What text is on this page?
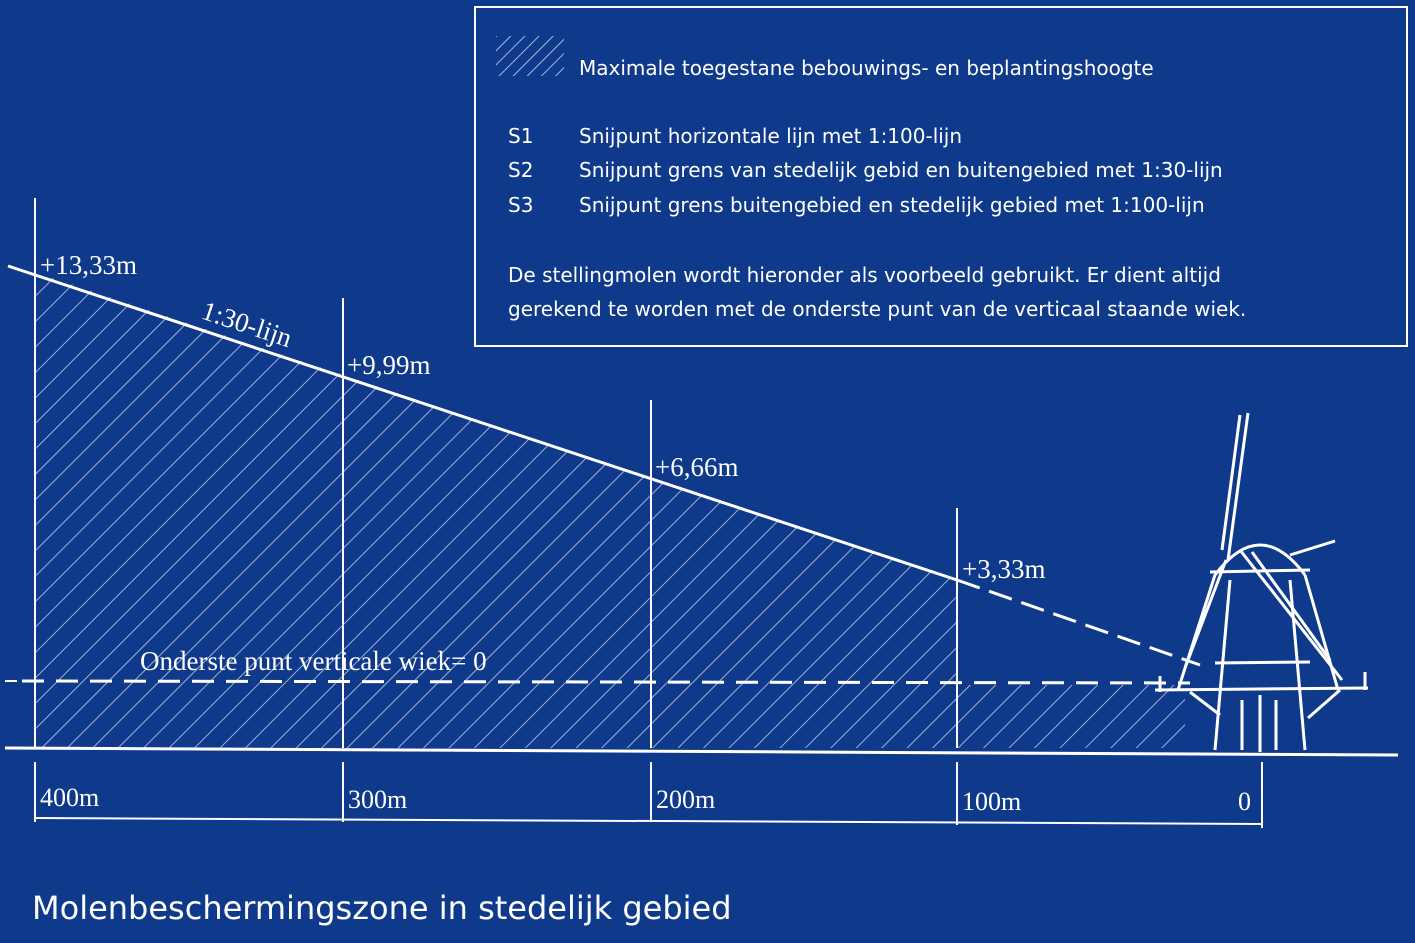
+13,33m
+9,99m
+6,66m
+3,33m
1:30-lijn
Onderste punt verticale wiek= 0
400m	300m	200m	100m	0
Maximale toegestane bebouwings- en beplantingshoogte
S1 Snijpunt horizontale lijn met 1:100-lijn
S2 Snijpunt grens van stedelijk gebid en buitengebied met 1:30-lijn
S3 Snijpunt grens buitengebied en stedelijk gebied met 1:100-lijn
De stellingmolen wordt hieronder als voorbeeld gebruikt. Er dient altijd
gerekend te worden met de onderste punt van de verticaal staande wiek.
Molenbeschermingszone in stedelijk gebied
